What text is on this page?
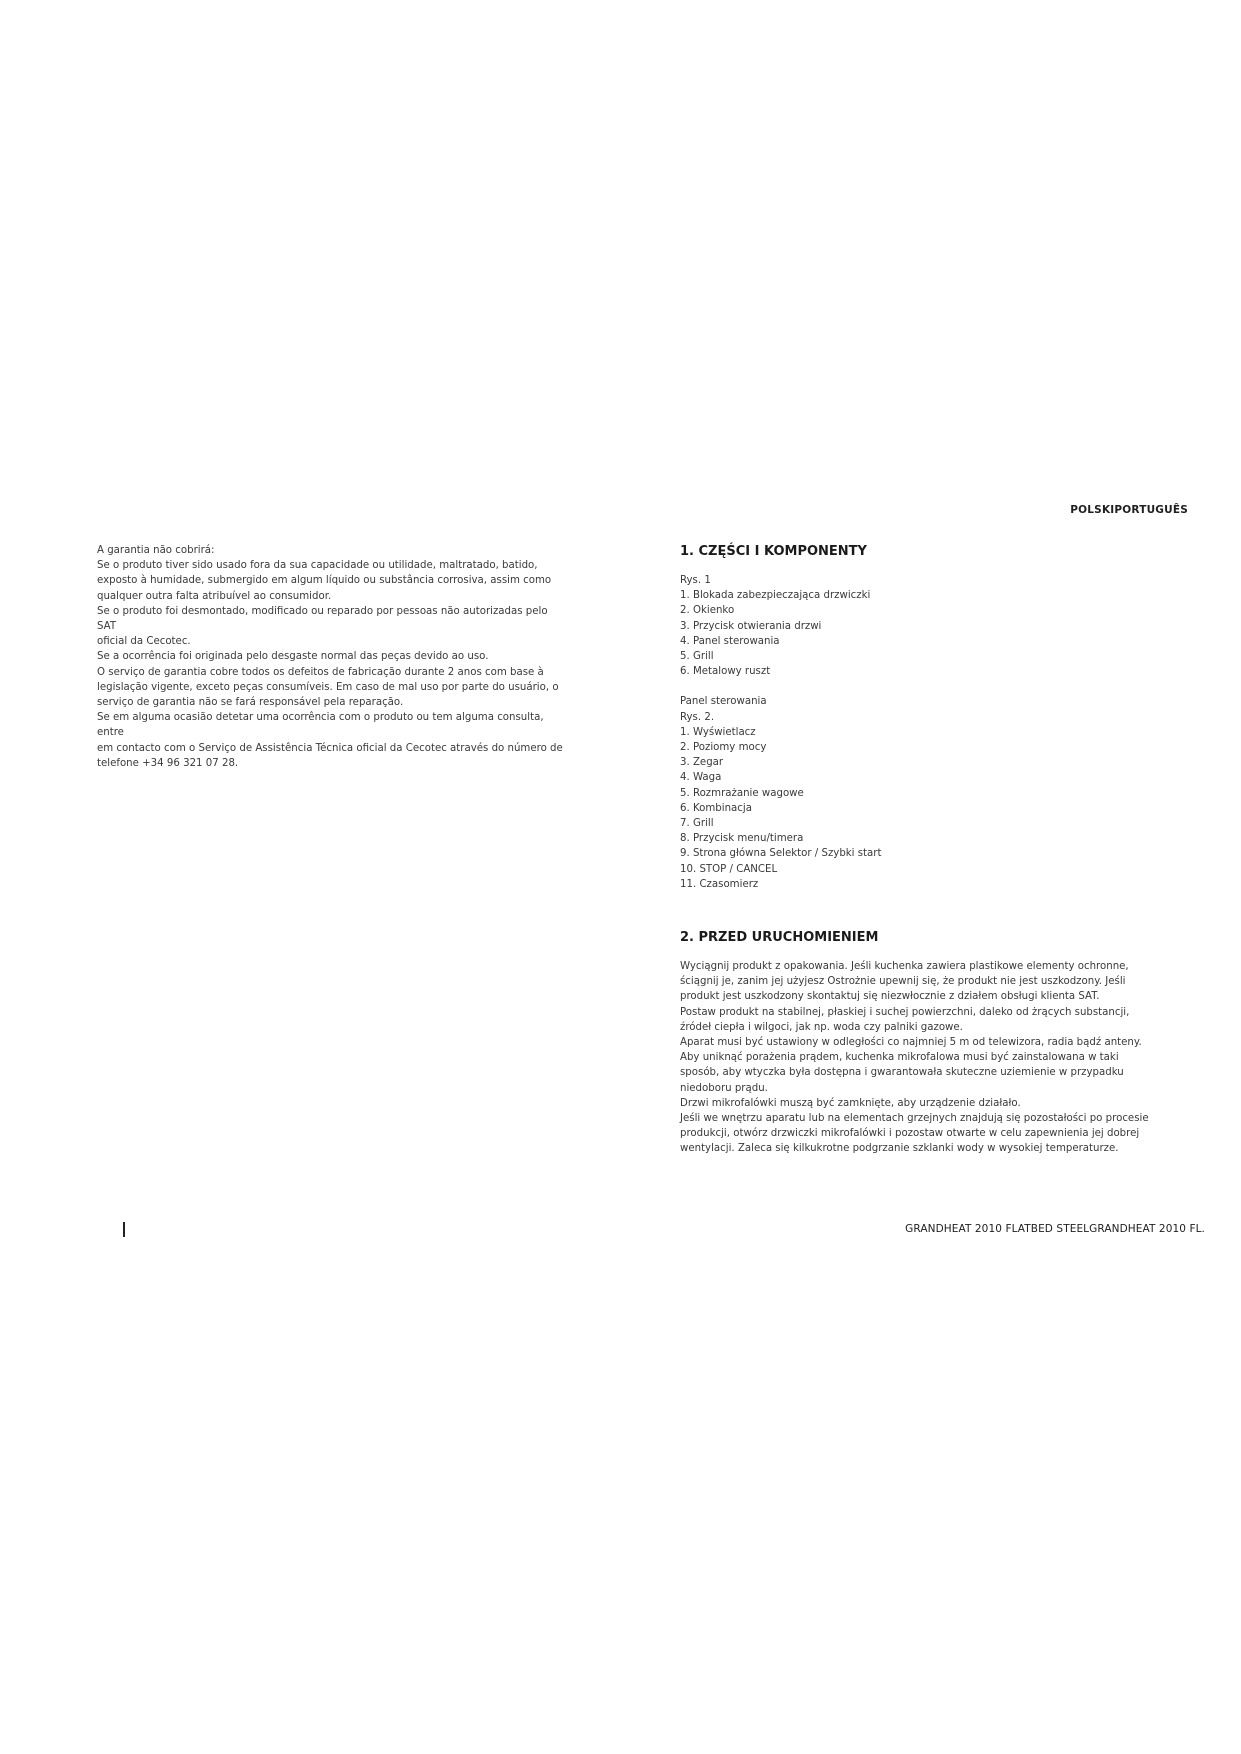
POLSKIPORTUGUÊS

A garantia não cobrirá:

Se o produto tiver sido usado fora da sua capacidade ou utilidade, maltratado, batido,

exposto à humidade, submergido em algum líquido ou substância corrosiva, assim como

qualquer outra falta atribuível ao consumidor.

Se o produto foi desmontado, modificado ou reparado por pessoas não autorizadas pelo SAT

oficial da Cecotec.

Se a ocorrência foi originada pelo desgaste normal das peças devido ao uso.

O serviço de garantia cobre todos os defeitos de fabricação durante 2 anos com base à

legislação vigente, exceto peças consumíveis. Em caso de mal uso por parte do usuário, o

serviço de garantia não se fará responsável pela reparação.

Se em alguma ocasião detetar uma ocorrência com o produto ou tem alguma consulta, entre

em contacto com o Serviço de Assistência Técnica oficial da Cecotec através do número de

telefone +34 96 321 07 28.

1. CZĘŚCI I KOMPONENTY

Rys. 1

1. Blokada zabezpieczająca drzwiczki
2. Okienko
3. Przycisk otwierania drzwi
4. Panel sterowania
5. Grill
6. Metalowy ruszt

Panel sterowania

Rys. 2.

1. Wyświetlacz
2. Poziomy mocy
3. Zegar
4. Waga
5. Rozmrażanie wagowe
6. Kombinacja
7. Grill
8. Przycisk menu/timera
9. Strona główna Selektor / Szybki start
10. STOP / CANCEL
11. Czasomierz
2. PRZED URUCHOMIENIEM

Wyciągnij produkt z opakowania. Jeśli kuchenka zawiera plastikowe elementy ochronne,

ściągnij je, zanim jej użyjesz Ostrożnie upewnij się, że produkt nie jest uszkodzony. Jeśli

produkt jest uszkodzony skontaktuj się niezwłocznie z działem obsługi klienta SAT.

Postaw produkt na stabilnej, płaskiej i suchej powierzchni, daleko od żrących substancji,

źródeł ciepła i wilgoci, jak np. woda czy palniki gazowe.

Aparat musi być ustawiony w odległości co najmniej 5 m od telewizora, radia bądź anteny.

Aby uniknąć porażenia prądem, kuchenka mikrofalowa musi być zainstalowana w taki

sposób, aby wtyczka była dostępna i gwarantowała skuteczne uziemienie w przypadku

niedoboru prądu.

Drzwi mikrofalówki muszą być zamknięte, aby urządzenie działało.

Jeśli we wnętrzu aparatu lub na elementach grzejnych znajdują się pozostałości po procesie

produkcji, otwórz drzwiczki mikrofalówki i pozostaw otwarte w celu zapewnienia jej dobrej

wentylacji. Zaleca się kilkukrotne podgrzanie szklanki wody w wysokiej temperaturze.

GRANDHEAT 2010 FLATBED STEELGRANDHEAT 2010 FL.
